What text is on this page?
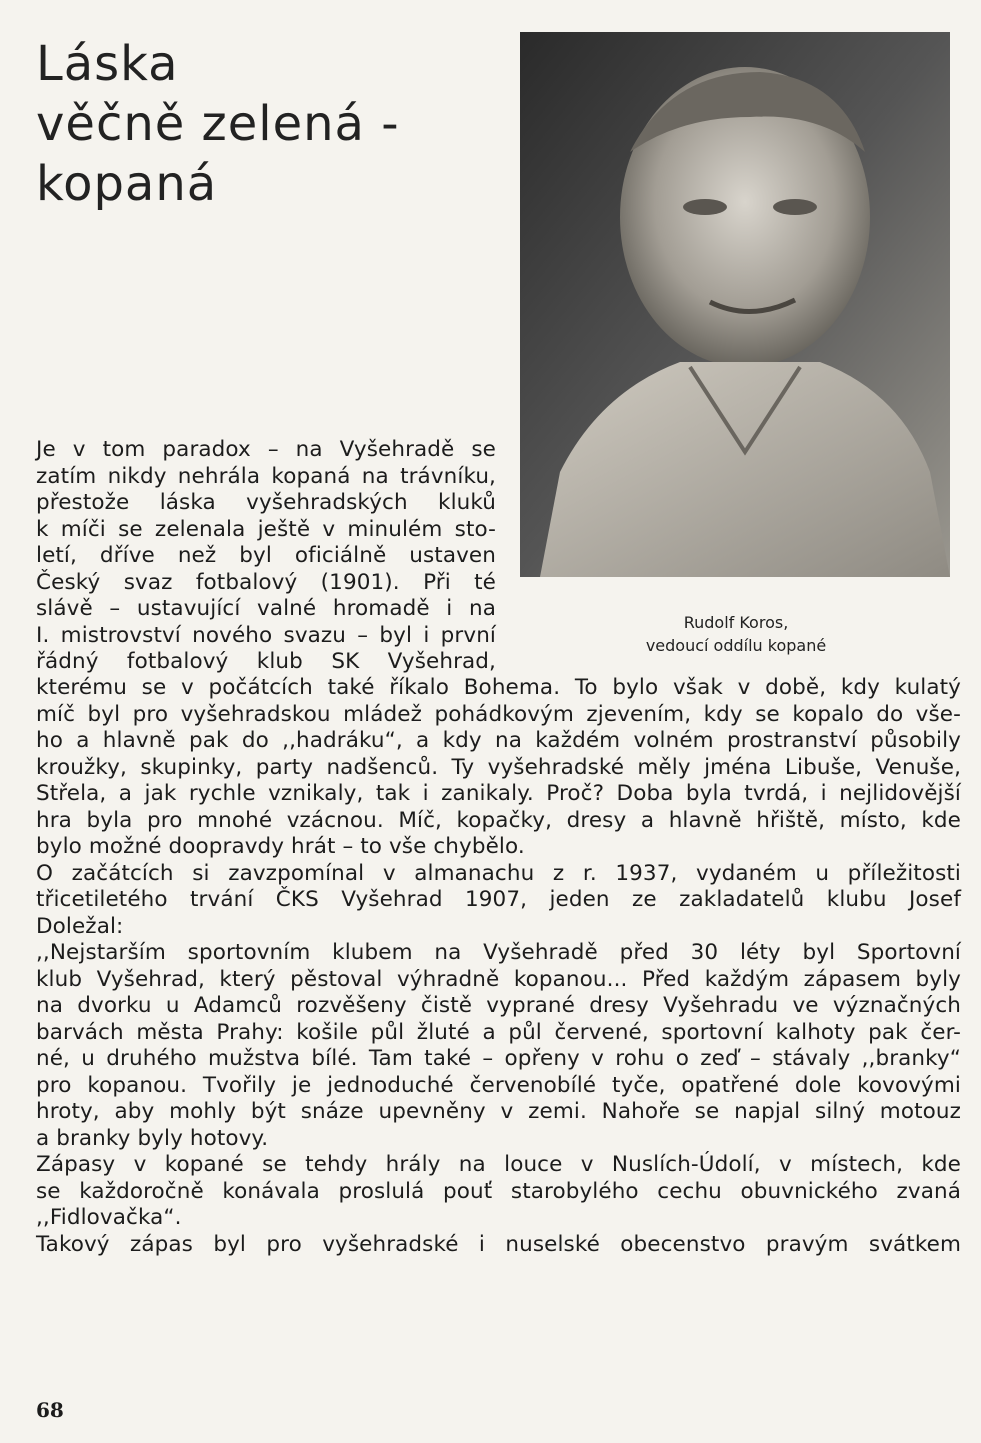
Láska
věčně zelená -
kopaná
Rudolf Koros,
vedoucí oddílu kopané
Je v tom paradox – na Vyšehradě se
zatím nikdy nehrála kopaná na trávníku,
přestože láska vyšehradských kluků
k míči se zelenala ještě v minulém sto-
letí, dříve než byl oficiálně ustaven
Český svaz fotbalový (1901). Při té
slávě – ustavující valné hromadě i na
I. mistrovství nového svazu – byl i první
řádný fotbalový klub SK Vyšehrad,
kterému se v počátcích také říkalo Bohema. To bylo však v době, kdy kulatý
míč byl pro vyšehradskou mládež pohádkovým zjevením, kdy se kopalo do vše-
ho a hlavně pak do ,,hadráku“, a kdy na každém volném prostranství působily
kroužky, skupinky, party nadšenců. Ty vyšehradské měly jména Libuše, Venuše,
Střela, a jak rychle vznikaly, tak i zanikaly. Proč? Doba byla tvrdá, i nejlidovější
hra byla pro mnohé vzácnou. Míč, kopačky, dresy a hlavně hřiště, místo, kde
bylo možné doopravdy hrát – to vše chybělo.
O začátcích si zavzpomínal v almanachu z r. 1937, vydaném u příležitosti
třicetiletého trvání ČKS Vyšehrad 1907, jeden ze zakladatelů klubu Josef
Doležal:
,,Nejstarším sportovním klubem na Vyšehradě před 30 léty byl Sportovní
klub Vyšehrad, který pěstoval výhradně kopanou... Před každým zápasem byly
na dvorku u Adamců rozvěšeny čistě vyprané dresy Vyšehradu ve význačných
barvách města Prahy: košile půl žluté a půl červené, sportovní kalhoty pak čer-
né, u druhého mužstva bílé. Tam také – opřeny v rohu o zeď – stávaly ,,branky“
pro kopanou. Tvořily je jednoduché červenobílé tyče, opatřené dole kovovými
hroty, aby mohly být snáze upevněny v zemi. Nahoře se napjal silný motouz
a branky byly hotovy.
Zápasy v kopané se tehdy hrály na louce v Nuslích-Údolí, v místech, kde
se každoročně konávala proslulá pouť starobylého cechu obuvnického zvaná
,,Fidlovačka“.
Takový zápas byl pro vyšehradské i nuselské obecenstvo pravým svátkem
68
